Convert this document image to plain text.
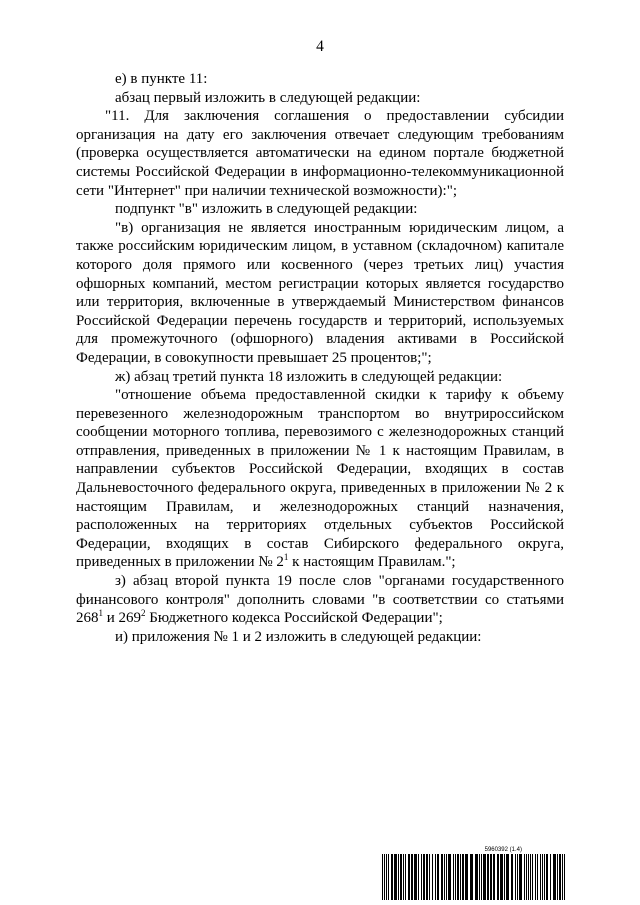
4

е) в пункте 11:

абзац первый изложить в следующей редакции:

"11. Для заключения соглашения о предоставлении субсидии организация на дату его заключения отвечает следующим требованиям (проверка осуществляется автоматически на едином портале бюджетной системы Российской Федерации в информационно-телекоммуникационной сети "Интернет" при наличии технической возможности):";

подпункт "в" изложить в следующей редакции:

"в) организация не является иностранным юридическим лицом, а также российским юридическим лицом, в уставном (складочном) капитале которого доля прямого или косвенного (через третьих лиц) участия офшорных компаний, местом регистрации которых является государство или территория, включенные в утверждаемый Министерством финансов Российской Федерации перечень государств и территорий, используемых для промежуточного (офшорного) владения активами в Российской Федерации, в совокупности превышает 25 процентов;";

ж) абзац третий пункта 18 изложить в следующей редакции:

"отношение объема предоставленной скидки к тарифу к объему перевезенного железнодорожным транспортом во внутрироссийском сообщении моторного топлива, перевозимого с железнодорожных станций отправления, приведенных в приложении № 1 к настоящим Правилам, в направлении субъектов Российской Федерации, входящих в состав Дальневосточного федерального округа, приведенных в приложении № 2 к настоящим Правилам, и железнодорожных станций назначения, расположенных на территориях отдельных субъектов Российской Федерации, входящих в состав Сибирского федерального округа, приведенных в приложении № $2^1$ к настоящим Правилам.";

з) абзац второй пункта 19 после слов "органами государственного финансового контроля" дополнить словами "в соответствии со статьями $268^1$ и $269^2$ Бюджетного кодекса Российской Федерации";

и) приложения № 1 и 2 изложить в следующей редакции:

5960392 (1.4)
